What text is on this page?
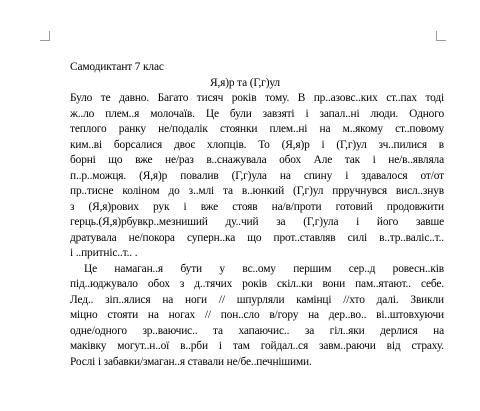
Самодиктант 7 клас
Я,я)р та (Г,г)ул
Було те давно. Багато тисяч років тому. В пр..азовс..ких ст..пах тоді
ж..ло плем..я молочаїв. Це були завзяті і запал..ні люди. Одного
теплого ранку не/подалік стоянки плем..ні на м..якому ст..повому
ким..ві борсалися двоє хлопців. То (Я,я)р і (Г,г)ул зч..пилися в
борні що вже не/раз в..снажувала обох Але так і не/в..являла
п..р..можця. (Я,я)р повалив (Г,г)ула на спину і здавалося от/от
пр..тисне коліном до з..млі та в..юнкий (Г,г)ул прручнувся висл..знув
з (Я,я)рових рук і вже стояв на/в/проти готовий продовжити
герць.(Я,я)рбувкр..мезниший ду..чий за (Г,г)ула і його завше
дратувала не/покора суперн..ка що прот..ставляв силі в..тр..валіс..т..
і ..притніс..т.. .
Це намаган..я бути у вс..ому першим сер..д ровесн..ків
під..юджувало обох з д..тячих років скіл..ки вони пам..ятают.. себе.
Лед.. зіп..ялися на ноги // шпурляли камінці //хто далі. Звикли
міцно стояти на ногах // пон..сло в/гору на дер..во.. ві..штовхуючи
одне/одного зр..ваючис.. та хапаючис.. за гіл..яки дерлися на
маківку могут..н..ої в..рби і там гойдал..ся завм..раючи від страху.
Рослі і забавки/змаган..я ставали не/бе..печнішими.
